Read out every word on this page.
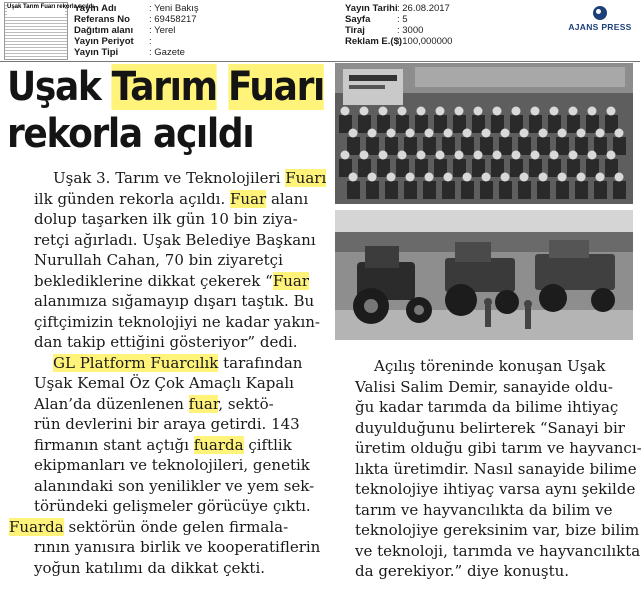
Uşak Tarım Fuarı rekorla açıldı
Yayın Adı	: Yeni Bakış
Referans No	: 69458217
Dağıtım alanı	: Yerel
Yayın Periyot	:
Yayın Tipi	: Gazete
Yayın Tarihi : 26.08.2017
Sayfa	: 5
Tiraj	: 3000
Reklam E.($)
: 100,000000
AJANS PRESS
Uşak Tarım Fuarı
rekorla açıldı
Uşak 3. Tarım ve Teknolojileri Fuarı
ilk günden rekorla açıldı. Fuar alanı
dolup taşarken ilk gün 10 bin ziya-
retçi ağırladı. Uşak Belediye Başkanı
Nurullah Cahan, 70 bin ziyaretçi
beklediklerine dikkat çekerek “Fuar
alanımıza sığamayıp dışarı taştık. Bu
çiftçimizin teknolojiyi ne kadar yakın-
dan takip ettiğini gösteriyor” dedi.
GL Platform Fuarcılık tarafından
Uşak Kemal Öz Çok Amaçlı Kapalı
Alan’da düzenlenen fuar, sektö-
rün devlerini bir araya getirdi. 143
firmanın stant açtığı fuarda çiftlik
ekipmanları ve teknolojileri, genetik
alanındaki son yenilikler ve yem sek-
töründeki gelişmeler görücüye çıktı.
Fuarda sektörün önde gelen firmala-
rının yanısıra birlik ve kooperatiflerin
yoğun katılımı da dikkat çekti.
Açılış töreninde konuşan Uşak
Valisi Salim Demir, sanayide oldu-
ğu kadar tarımda da bilime ihtiyaç
duyulduğunu belirterek “Sanayi bir
üretim olduğu gibi tarım ve hayvancı-
lıkta üretimdir. Nasıl sanayide bilime
teknolojiye ihtiyaç varsa aynı şekilde
tarım ve hayvancılıkta da bilim ve
teknolojiye gereksinim var, bize bilim
ve teknoloji, tarımda ve hayvancılıkta
da gerekiyor.” diye konuştu.
